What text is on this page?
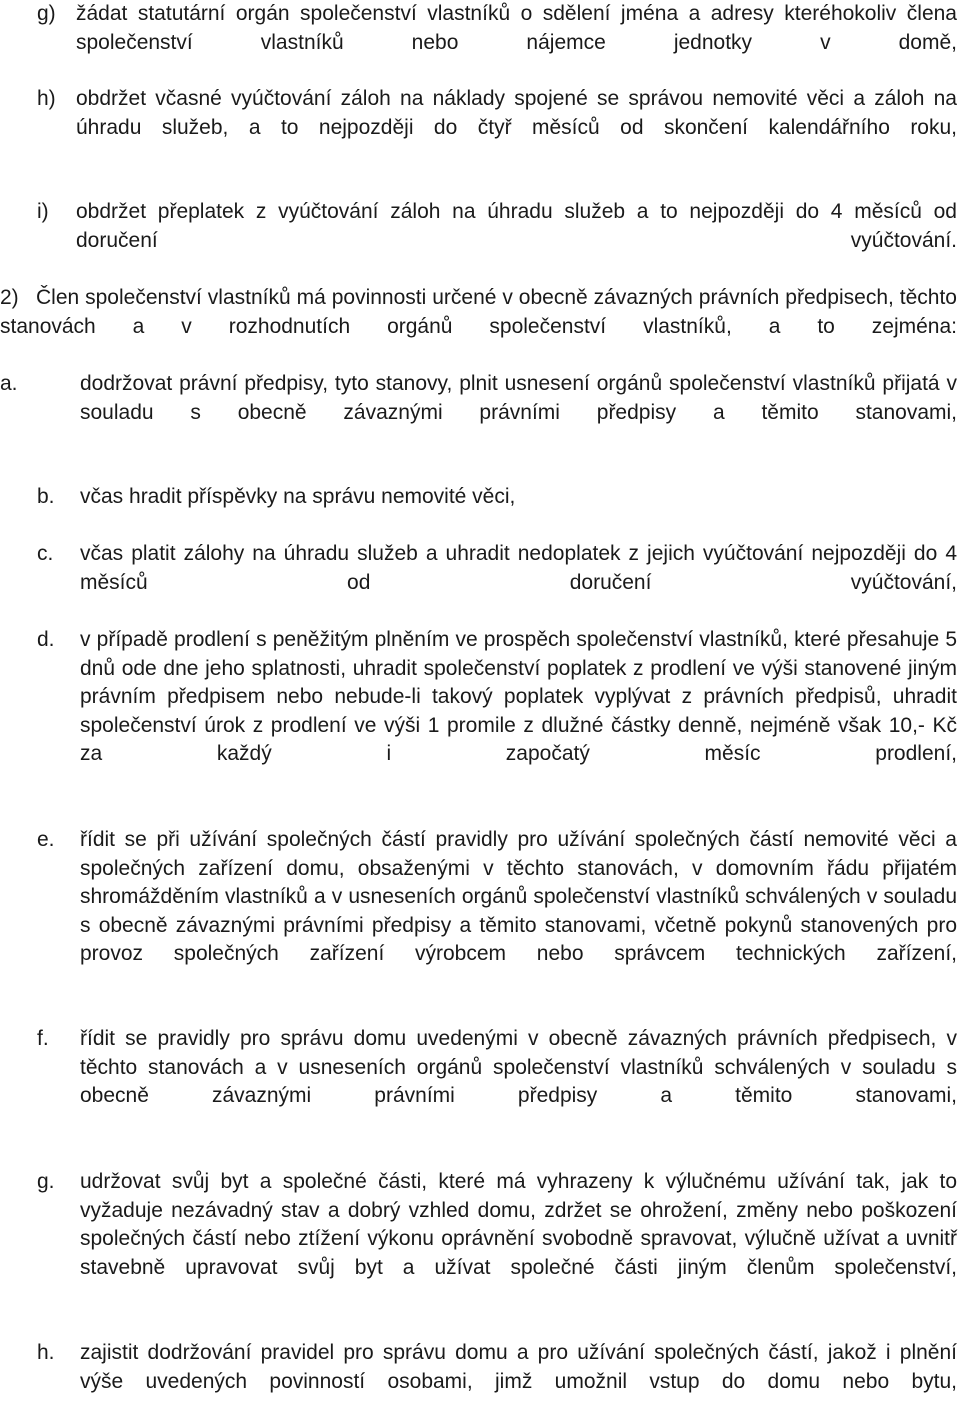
g) žádat statutární orgán společenství vlastníků o sdělení jména a adresy kteréhokoliv člena společenství vlastníků nebo nájemce jednotky v domě,
h) obdržet včasné vyúčtování záloh na náklady spojené se správou nemovité věci a záloh na úhradu služeb, a to nejpozději do čtyř měsíců od skončení kalendářního roku,
i) obdržet přeplatek z vyúčtování záloh na úhradu služeb a to nejpozději do 4 měsíců od doručení vyúčtování.
2) Člen společenství vlastníků má povinnosti určené v obecně závazných právních předpisech, těchto stanovách a v rozhodnutích orgánů společenství vlastníků, a to zejména:
a.	dodržovat právní předpisy, tyto stanovy, plnit usnesení orgánů společenství vlastníků přijatá v souladu s obecně závaznými právními předpisy a těmito stanovami,
b. včas hradit příspěvky na správu nemovité věci,
c. včas platit zálohy na úhradu služeb a uhradit nedoplatek z jejich vyúčtování nejpozději do 4 měsíců od doručení vyúčtování,
d. v případě prodlení s peněžitým plněním ve prospěch společenství vlastníků, které přesahuje 5 dnů ode dne jeho splatnosti, uhradit společenství poplatek z prodlení ve výši stanovené jiným právním předpisem nebo nebude-li takový poplatek vyplývat z právních předpisů, uhradit společenství úrok z prodlení ve výši 1 promile z dlužné částky denně, nejméně však 10,- Kč za každý i započatý měsíc prodlení,
e. řídit se při užívání společných částí pravidly pro užívání společných částí nemovité věci a společných zařízení domu, obsaženými v těchto stanovách, v domovním řádu přijatém shromážděním vlastníků a v usneseních orgánů společenství vlastníků schválených v souladu s obecně závaznými právními předpisy a těmito stanovami, včetně pokynů stanovených pro provoz společných zařízení výrobcem nebo správcem technických zařízení,
f. řídit se pravidly pro správu domu uvedenými v obecně závazných právních předpisech, v těchto stanovách a v usneseních orgánů společenství vlastníků schválených v souladu s obecně závaznými právními předpisy a těmito stanovami,
g. udržovat svůj byt a společné části, které má vyhrazeny k výlučnému užívání tak, jak to vyžaduje nezávadný stav a dobrý vzhled domu, zdržet se ohrožení, změny nebo poškození společných částí nebo ztížení výkonu oprávnění svobodně spravovat, výlučně užívat a uvnitř stavebně upravovat svůj byt a užívat společné části jiným členům společenství,
h. zajistit dodržování pravidel pro správu domu a pro užívání společných částí, jakož i plnění výše uvedených povinností osobami, jimž umožnil vstup do domu nebo bytu,
